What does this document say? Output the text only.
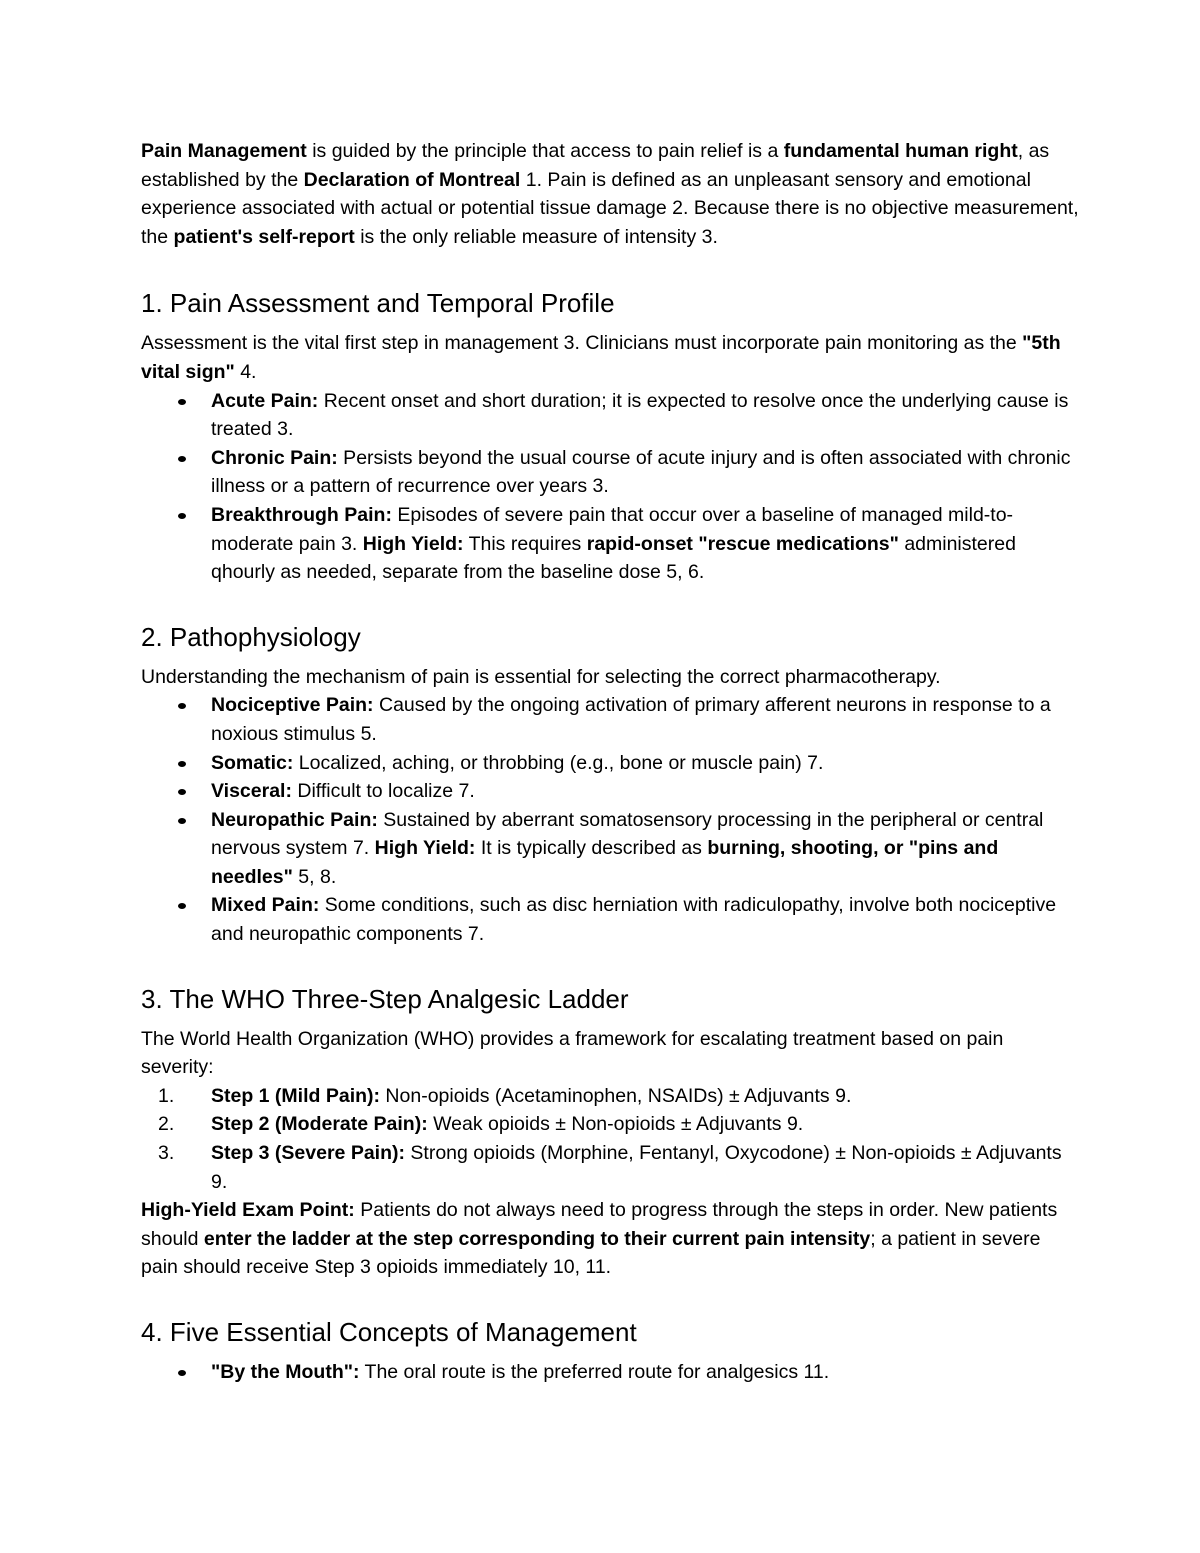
Pain Management is guided by the principle that access to pain relief is a fundamental human right, as established by the Declaration of Montreal 1. Pain is defined as an unpleasant sensory and emotional experience associated with actual or potential tissue damage 2. Because there is no objective measurement, the patient's self-report is the only reliable measure of intensity 3.

1. Pain Assessment and Temporal Profile

Assessment is the vital first step in management 3. Clinicians must incorporate pain monitoring as the "5th vital sign" 4.

Acute Pain: Recent onset and short duration; it is expected to resolve once the underlying cause is treated 3.
Chronic Pain: Persists beyond the usual course of acute injury and is often associated with chronic illness or a pattern of recurrence over years 3.
Breakthrough Pain: Episodes of severe pain that occur over a baseline of managed mild-to-moderate pain 3. High Yield: This requires rapid-onset "rescue medications" administered qhourly as needed, separate from the baseline dose 5, 6.
2. Pathophysiology

Understanding the mechanism of pain is essential for selecting the correct pharmacotherapy.

Nociceptive Pain: Caused by the ongoing activation of primary afferent neurons in response to a noxious stimulus 5.
Somatic: Localized, aching, or throbbing (e.g., bone or muscle pain) 7.
Visceral: Difficult to localize 7.
Neuropathic Pain: Sustained by aberrant somatosensory processing in the peripheral or central nervous system 7. High Yield: It is typically described as burning, shooting, or "pins and needles" 5, 8.
Mixed Pain: Some conditions, such as disc herniation with radiculopathy, involve both nociceptive and neuropathic components 7.
3. The WHO Three-Step Analgesic Ladder

The World Health Organization (WHO) provides a framework for escalating treatment based on pain severity:

1.	Step 1 (Mild Pain): Non-opioids (Acetaminophen, NSAIDs) ± Adjuvants 9.
2.	Step 2 (Moderate Pain): Weak opioids ± Non-opioids ± Adjuvants 9.
3.	Step 3 (Severe Pain): Strong opioids (Morphine, Fentanyl, Oxycodone) ± Non-opioids ± Adjuvants 9.

High-Yield Exam Point: Patients do not always need to progress through the steps in order. New patients should enter the ladder at the step corresponding to their current pain intensity; a patient in severe pain should receive Step 3 opioids immediately 10, 11.

4. Five Essential Concepts of Management
"By the Mouth": The oral route is the preferred route for analgesics 11.
